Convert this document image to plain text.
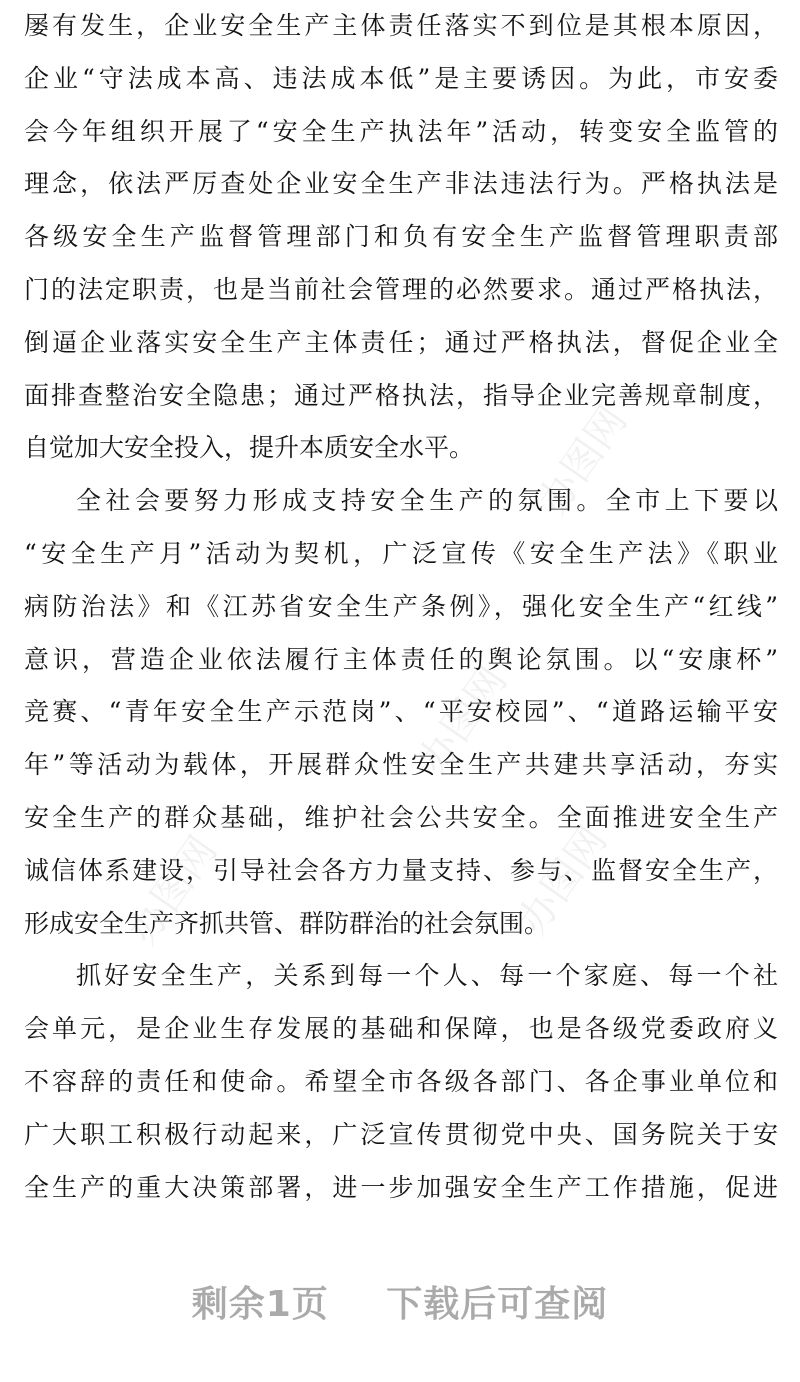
屡有发生，企业安全生产主体责任落实不到位是其根本原因，
企业“守法成本高、违法成本低”是主要诱因。为此，市安委
会今年组织开展了“安全生产执法年”活动，转变安全监管的
理念，依法严厉查处企业安全生产非法违法行为。严格执法是
各级安全生产监督管理部门和负有安全生产监督管理职责部
门的法定职责，也是当前社会管理的必然要求。通过严格执法，
倒逼企业落实安全生产主体责任；通过严格执法，督促企业全
面排查整治安全隐患；通过严格执法，指导企业完善规章制度，
自觉加大安全投入，提升本质安全水平。
全社会要努力形成支持安全生产的氛围。全市上下要以
“安全生产月”活动为契机，广泛宣传《安全生产法》《职业
病防治法》和《江苏省安全生产条例》，强化安全生产“红线”
意识，营造企业依法履行主体责任的舆论氛围。以“安康杯”
竞赛、“青年安全生产示范岗”、“平安校园”、“道路运输平安
年”等活动为载体，开展群众性安全生产共建共享活动，夯实
安全生产的群众基础，维护社会公共安全。全面推进安全生产
诚信体系建设，引导社会各方力量支持、参与、监督安全生产，
形成安全生产齐抓共管、群防群治的社会氛围。
抓好安全生产，关系到每一个人、每一个家庭、每一个社
会单元，是企业生存发展的基础和保障，也是各级党委政府义
不容辞的责任和使命。希望全市各级各部门、各企事业单位和
广大职工积极行动起来，广泛宣传贯彻党中央、国务院关于安
全生产的重大决策部署，进一步加强安全生产工作措施，促进
办图网
办图网
办图网
办图网
剩余1页 下载后可查阅
